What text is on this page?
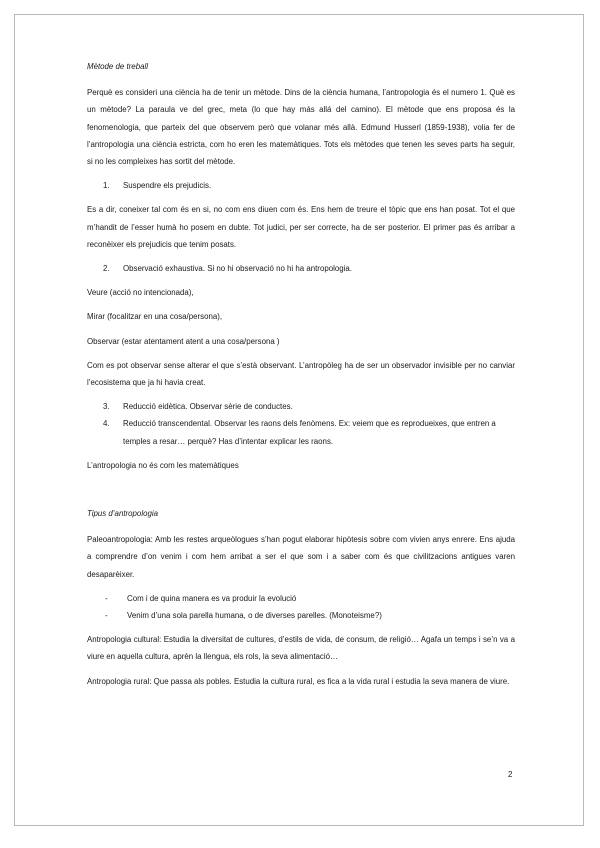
Mètode de treball

Perquè es consideri una ciència ha de tenir un mètode. Dins de la ciència humana, l’antropologia és el numero 1. Què es un mètode? La paraula ve del grec, meta (lo que hay más allá del camino). El mètode que ens proposa és la fenomenologia, que parteix del que observem però que volanar més allà. Edmund Husserl (1859-1938), volia fer de l’antropologia una ciència estricta, com ho eren les matemàtiques. Tots els mètodes que tenen les seves parts ha seguir, si no les compleixes has sortit del mètode.

1. Suspendre els prejudicis.

Es a dir, coneixer tal com és en si, no com ens diuen com és. Ens hem de treure el tòpic que ens han posat. Tot el que m’handit de l’esser humà ho posem en dubte. Tot judici, per ser correcte, ha de ser posterior. El primer pas és arribar a reconèixer els prejudicis que tenim posats.

2. Observació exhaustiva. Si no hi observació no hi ha antropologia.

Veure (acció no intencionada),

Mirar (focalitzar en una cosa/persona),

Observar (estar atentament atent a una cosa/persona )

Com es pot observar sense alterar el que s’està observant. L’antropòleg ha de ser un observador invisible per no canviar l’ecosistema que ja hi havia creat.

3. Reducció eidètica. Observar sèrie de conductes.
4. Reducció transcendental. Observar les raons dels fenòmens. Ex: veiem que es reprodueixes, que entren a temples a resar… perquè? Has d’intentar explicar les raons.

L’antropologia no és com les matemàtiques

Tipus d’antropologia

Paleoantropologia: Amb les restes arqueòlogues s’han pogut elaborar hipòtesis sobre com vivien anys enrere. Ens ajuda a comprendre d’on venim i com hem arribat a ser el que som i a saber com és que civilitzacions antigues varen desaparèixer.

- Com i de quina manera es va produir la evolució
- Venim d’una sola parella humana, o de diverses parelles. (Monoteisme?)

Antropologia cultural: Estudia la diversitat de cultures, d’estils de vida, de consum, de religió… Agafa un temps i se’n va a viure en aquella cultura, aprèn la llengua, els rols, la seva alimentació…

Antropologia rural: Que passa als pobles. Estudia la cultura rural, es fica a la vida rural i estudia la seva manera de viure.

2
